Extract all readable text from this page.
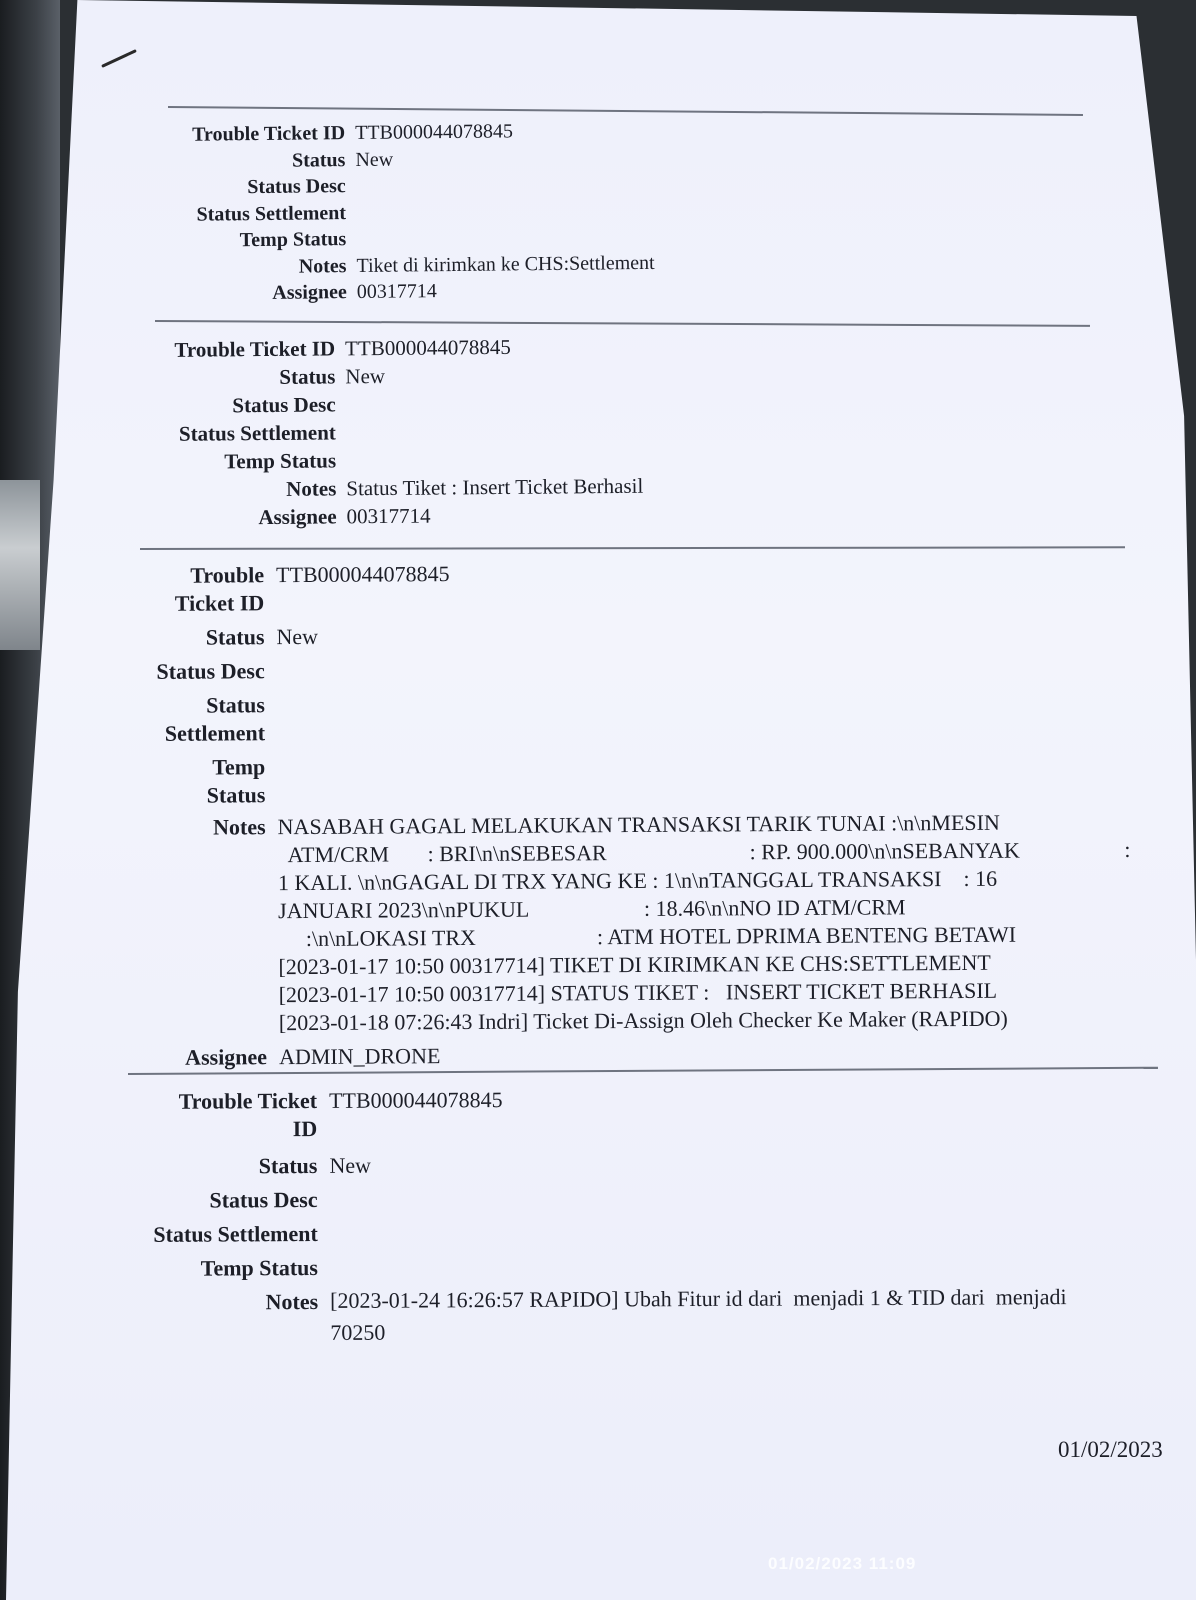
Trouble Ticket ID TTB000044078845
Status New
Status Desc
Status Settlement
Temp Status
Notes Tiket di kirimkan ke CHS:Settlement
Assignee 00317714
Trouble Ticket ID TTB000044078845
Status New
Status Desc
Status Settlement
Temp Status
Notes Status Tiket : Insert Ticket Berhasil
Assignee 00317714
Trouble
Ticket ID
TTB000044078845
Status New
Status Desc
Status
Settlement
Temp
Status
Notes NASABAH GAGAL MELAKUKAN TRANSAKSI TARIK TUNAI :\n\nMESIN
ATM/CRM       : BRI\n\nSEBESAR                          : RP. 900.000\n\nSEBANYAK                   :
1 KALI. \n\nGAGAL DI TRX YANG KE : 1\n\nTANGGAL TRANSAKSI    : 16
JANUARI 2023\n\nPUKUL                     : 18.46\n\nNO ID ATM/CRM
:\n\nLOKASI TRX                      : ATM HOTEL DPRIMA BENTENG BETAWI
[2023-01-17 10:50 00317714] TIKET DI KIRIMKAN KE CHS:SETTLEMENT
[2023-01-17 10:50 00317714] STATUS TIKET :   INSERT TICKET BERHASIL
[2023-01-18 07:26:43 Indri] Ticket Di-Assign Oleh Checker Ke Maker (RAPIDO)
Assignee ADMIN_DRONE
Trouble Ticket
ID
TTB000044078845
Status New
Status Desc
Status Settlement
Temp Status
Notes [2023-01-24 16:26:57 RAPIDO] Ubah Fitur id dari  menjadi 1 & TID dari  menjadi
70250
01/02/2023
01/02/2023 11:09
